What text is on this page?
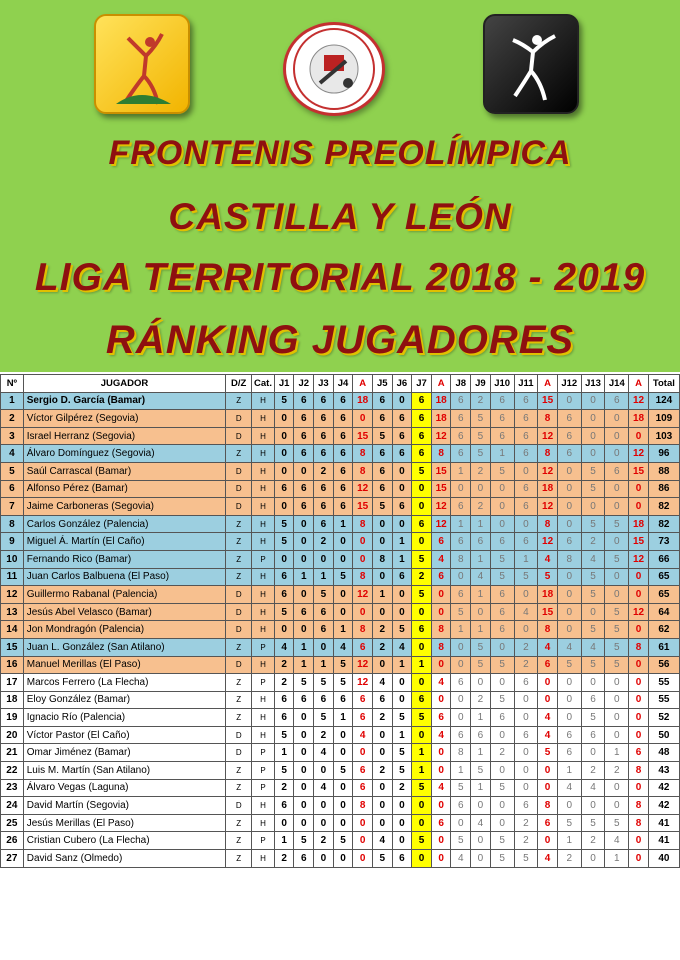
FRONTENIS PREOLÍMPICA
CASTILLA Y LEÓN
LIGA TERRITORIAL 2018 - 2019
RÁNKING JUGADORES
Nº	JUGADOR	D/Z	Cat.	J1	J2	J3	J4	A	J5	J6	J7	A	J8	J9	J10	J11	A	J12	J13	J14	A	Total
1	Sergio D. García (Bamar)	Z	H	5	6	6	6	18	6	0	6	18	6	2	6	6	15	0	0	6	12	124
2	Víctor Gilpérez (Segovia)	D	H	0	6	6	6	0	6	6	6	18	6	5	6	6	8	6	0	0	18	109
3	Israel Herranz (Segovia)	D	H	0	6	6	6	15	5	6	6	12	6	5	6	6	12	6	0	0	0	103
4	Álvaro Domínguez (Segovia)	Z	H	0	6	6	6	8	6	6	6	8	6	5	1	6	8	6	0	0	12	96
5	Saúl Carrascal (Bamar)	D	H	0	0	2	6	8	6	0	5	15	1	2	5	0	12	0	5	6	15	88
6	Alfonso Pérez (Bamar)	D	H	6	6	6	6	12	6	0	0	15	0	0	0	6	18	0	5	0	0	86
7	Jaime Carboneras (Segovia)	D	H	0	6	6	6	15	5	6	0	12	6	2	0	6	12	0	0	0	0	82
8	Carlos González (Palencia)	Z	H	5	0	6	1	8	0	0	6	12	1	1	0	0	8	0	5	5	18	82
9	Miguel Á. Martín (El Caño)	Z	H	5	0	2	0	0	0	1	0	6	6	6	6	6	12	6	2	0	15	73
10	Fernando Rico (Bamar)	Z	P	0	0	0	0	0	8	1	5	4	8	1	5	1	4	8	4	5	12	66
11	Juan Carlos Balbuena (El Paso)	Z	H	6	1	1	5	8	0	6	2	6	0	4	5	5	5	0	5	0	0	65
12	Guillermo Rabanal (Palencia)	D	H	6	0	5	0	12	1	0	5	0	6	1	6	0	18	0	5	0	0	65
13	Jesús Abel Velasco (Bamar)	D	H	5	6	6	0	0	0	0	0	0	5	0	6	4	15	0	0	5	12	64
14	Jon Mondragón (Palencia)	D	H	0	0	6	1	8	2	5	6	8	1	1	6	0	8	0	5	5	0	62
15	Juan L. González (San Atilano)	Z	P	4	1	0	4	6	2	4	0	8	0	5	0	2	4	4	4	5	8	61
16	Manuel Merillas (El Paso)	D	H	2	1	1	5	12	0	1	1	0	0	5	5	2	6	5	5	5	0	56
17	Marcos Ferrero (La Flecha)	Z	P	2	5	5	5	12	4	0	0	4	6	0	0	6	0	0	0	0	0	55
18	Eloy González (Bamar)	Z	H	6	6	6	6	6	6	0	6	0	0	2	5	0	0	0	6	0	0	55
19	Ignacio Río (Palencia)	Z	H	6	0	5	1	6	2	5	5	6	0	1	6	0	4	0	5	0	0	52
20	Víctor Pastor (El Caño)	D	H	5	0	2	0	4	0	1	0	4	6	6	0	6	4	6	6	0	0	50
21	Omar Jiménez (Bamar)	D	P	1	0	4	0	0	0	5	1	0	8	1	2	0	5	6	0	1	6	48
22	Luis M. Martín (San Atilano)	Z	P	5	0	0	5	6	2	5	1	0	1	5	0	0	0	1	2	2	8	43
23	Álvaro Vegas (Laguna)	Z	P	2	0	4	0	6	0	2	5	4	5	1	5	0	0	4	4	0	0	42
24	David Martín (Segovia)	D	H	6	0	0	0	8	0	0	0	0	6	0	0	6	8	0	0	0	8	42
25	Jesús Merillas (El Paso)	Z	H	0	0	0	0	0	0	0	0	6	0	4	0	2	6	5	5	5	8	41
26	Cristian Cubero (La Flecha)	Z	P	1	5	2	5	0	4	0	5	0	5	0	5	2	0	1	2	4	0	41
27	David Sanz (Olmedo)	Z	H	2	6	0	0	0	5	6	0	0	4	0	5	5	4	2	0	1	0	40
